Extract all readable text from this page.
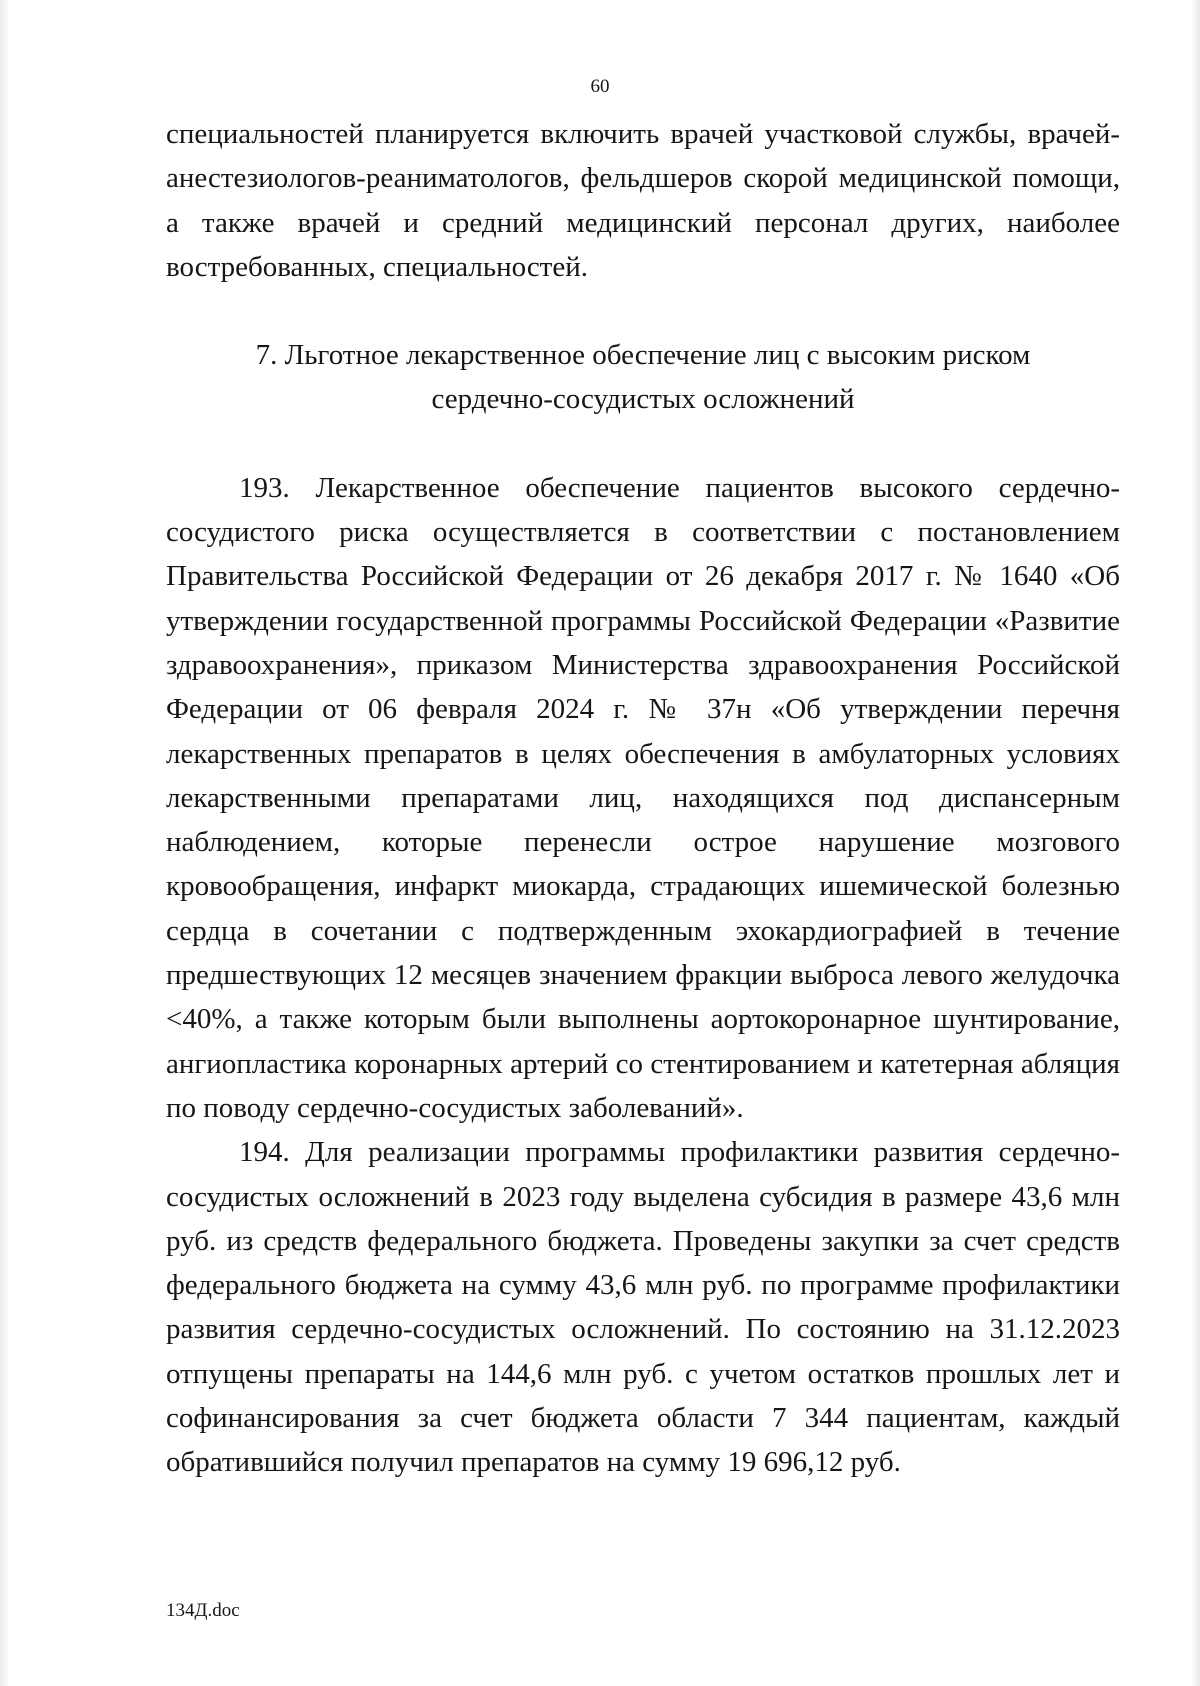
60

специальностей планируется включить врачей участковой службы, врачей-анестезиологов-реаниматологов, фельдшеров скорой медицинской помощи, а также врачей и средний медицинский персонал других, наиболее востребованных, специальностей.

7. Льготное лекарственное обеспечение лиц с высоким риском
сердечно-сосудистых осложнений

193. Лекарственное обеспечение пациентов высокого сердечно-сосудистого риска осуществляется в соответствии с постановлением Правительства Российской Федерации от 26 декабря 2017 г. № 1640 «Об утверждении государственной программы Российской Федерации «Развитие здравоохранения», приказом Министерства здравоохранения Российской Федерации от 06 февраля 2024 г. № 37н «Об утверждении перечня лекарственных препаратов в целях обеспечения в амбулаторных условиях лекарственными препаратами лиц, находящихся под диспансерным наблюдением, которые перенесли острое нарушение мозгового кровообращения, инфаркт миокарда, страдающих ишемической болезнью сердца в сочетании с подтвержденным эхокардиографией в течение предшествующих 12 месяцев значением фракции выброса левого желудочка <40%, а также которым были выполнены аортокоронарное шунтирование, ангиопластика коронарных артерий со стентированием и катетерная абляция по поводу сердечно-сосудистых заболеваний».

194. Для реализации программы профилактики развития сердечно-сосудистых осложнений в 2023 году выделена субсидия в размере 43,6 млн руб. из средств федерального бюджета. Проведены закупки за счет средств федерального бюджета на сумму 43,6 млн руб. по программе профилактики развития сердечно-сосудистых осложнений. По состоянию на 31.12.2023 отпущены препараты на 144,6 млн руб. с учетом остатков прошлых лет и софинансирования за счет бюджета области 7 344 пациентам, каждый обратившийся получил препаратов на сумму 19 696,12 руб.

134Д.doc
